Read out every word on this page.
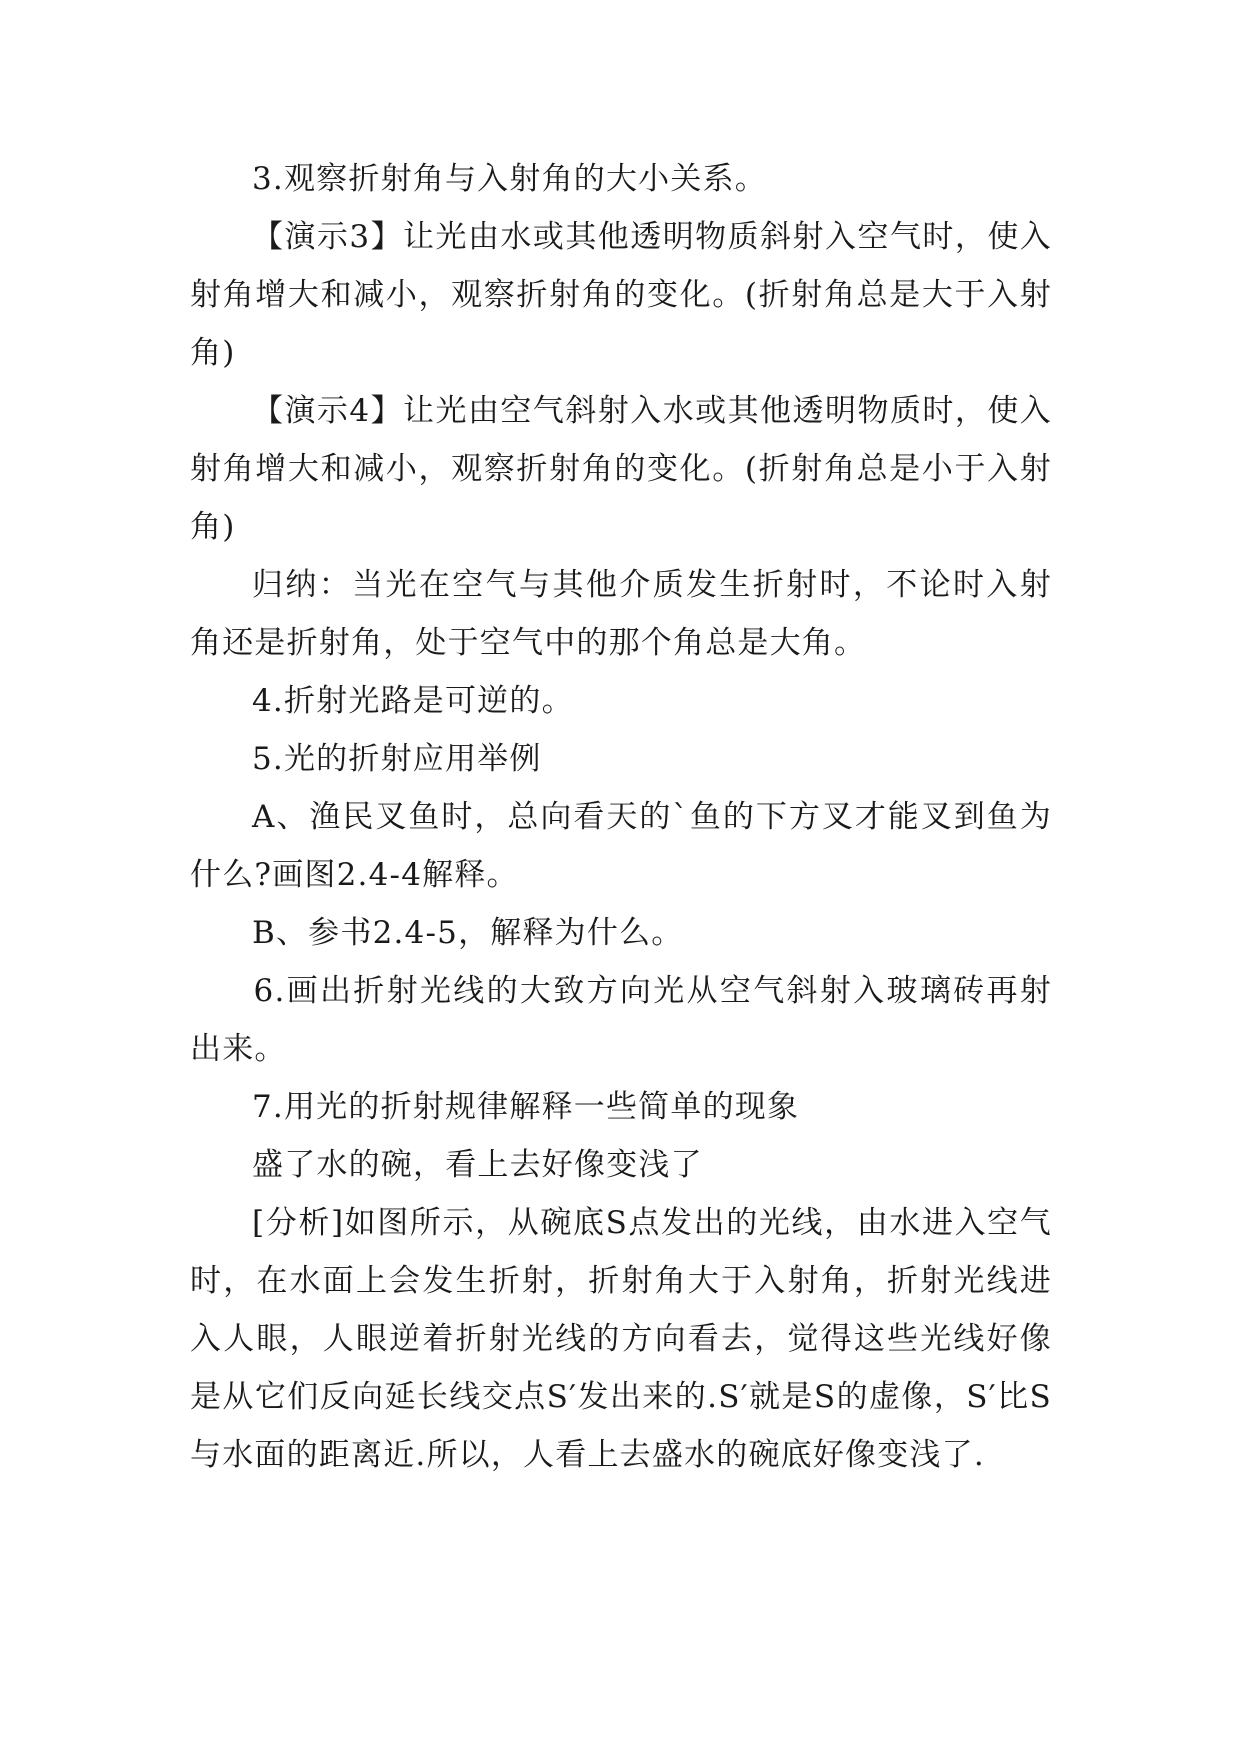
3.观察折射角与入射角的大小关系。

【演示3】让光由水或其他透明物质斜射入空气时，使入射角增大和减小，观察折射角的变化。(折射角总是大于入射角)

【演示4】让光由空气斜射入水或其他透明物质时，使入射角增大和减小，观察折射角的变化。(折射角总是小于入射角)

归纳：当光在空气与其他介质发生折射时，不论时入射角还是折射角，处于空气中的那个角总是大角。

4.折射光路是可逆的。

5.光的折射应用举例

A、渔民叉鱼时，总向看天的`鱼的下方叉才能叉到鱼为什么?画图2.4-4解释。

B、参书2.4-5，解释为什么。

6.画出折射光线的大致方向光从空气斜射入玻璃砖再射出来。

7.用光的折射规律解释一些简单的现象

盛了水的碗，看上去好像变浅了

[分析]如图所示，从碗底S点发出的光线，由水进入空气时，在水面上会发生折射，折射角大于入射角，折射光线进入人眼，人眼逆着折射光线的方向看去，觉得这些光线好像是从它们反向延长线交点S′发出来的.S′就是S的虚像，S′比S与水面的距离近.所以，人看上去盛水的碗底好像变浅了.
